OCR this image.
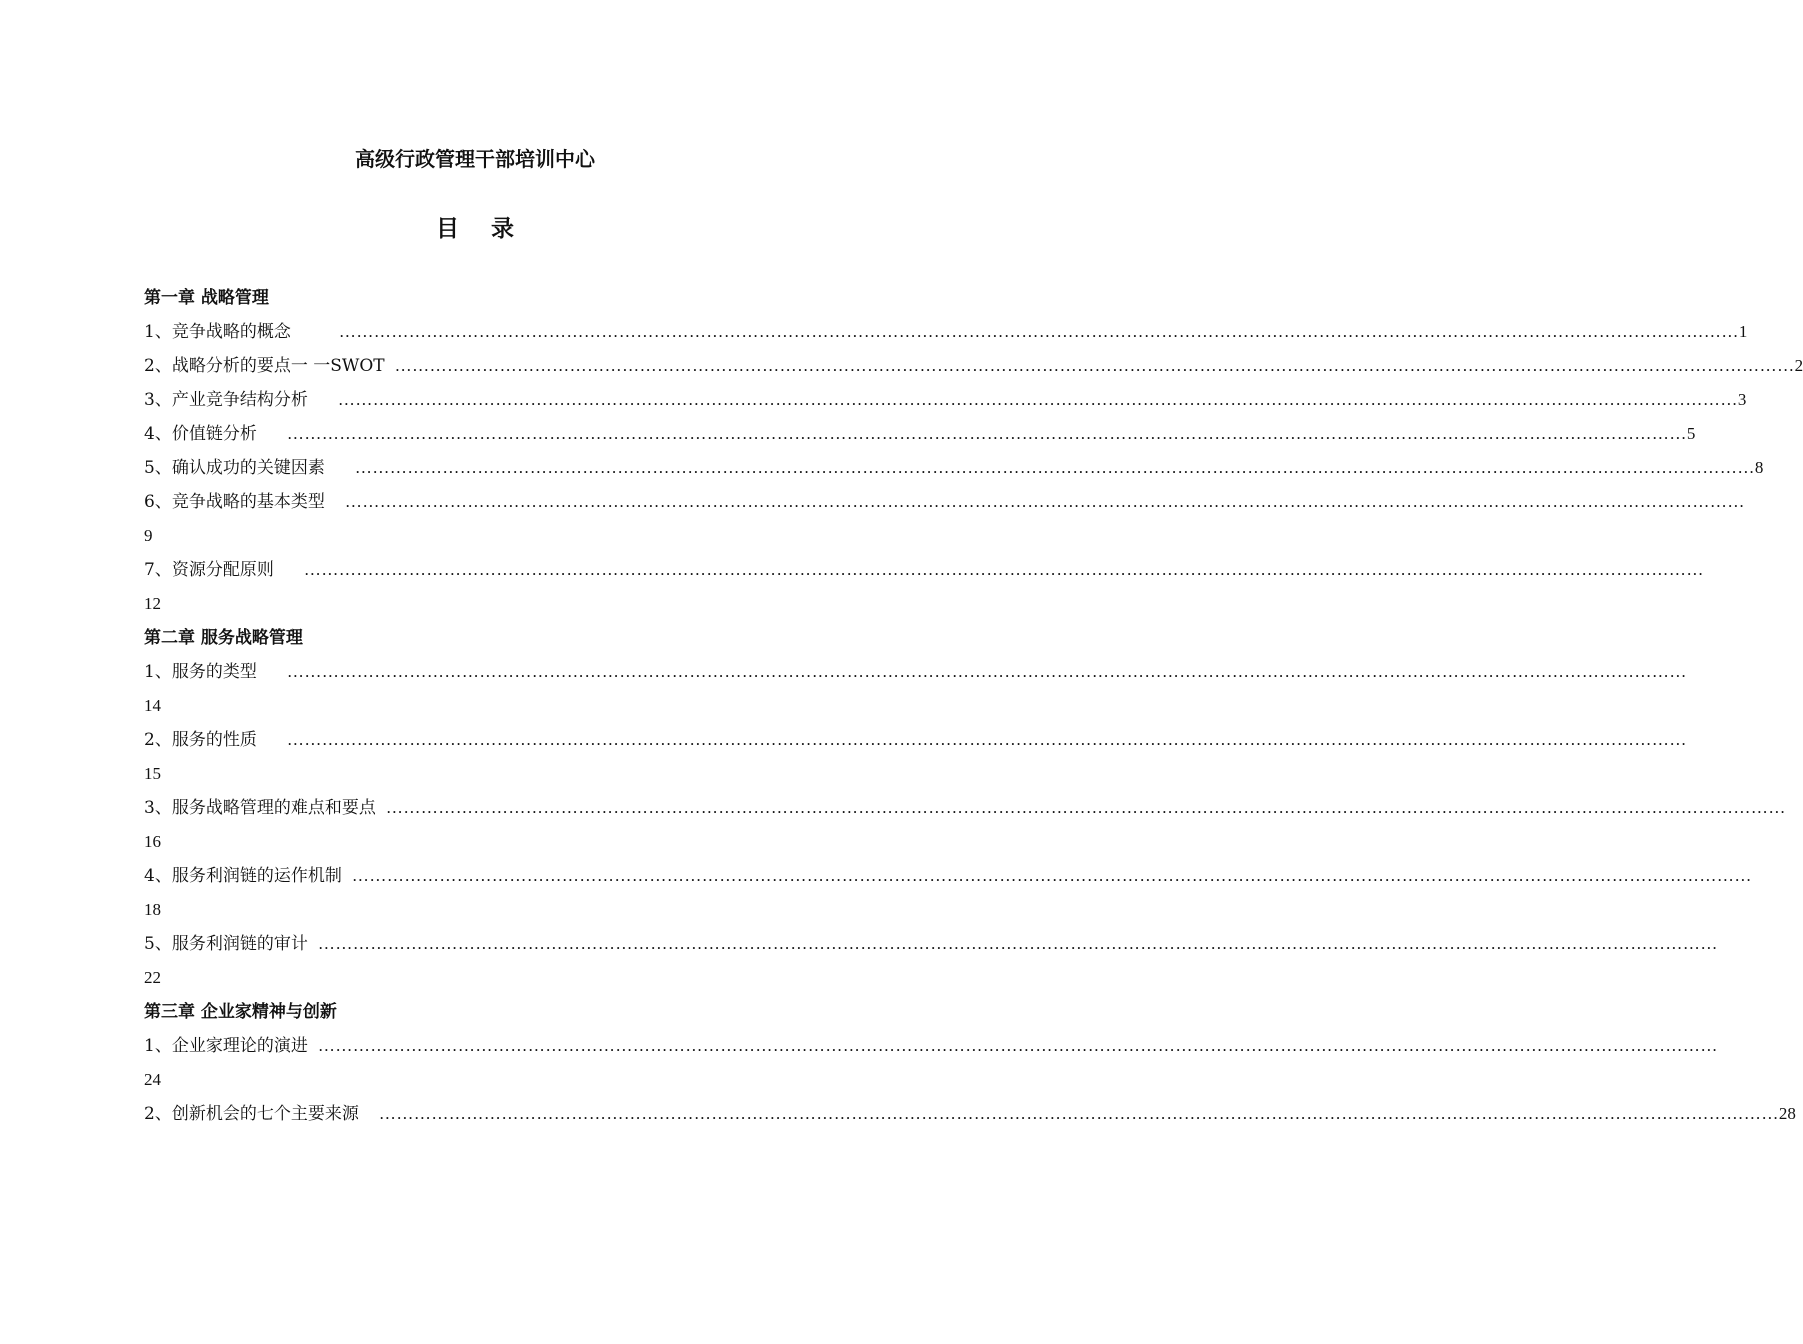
高级行政管理干部培训中心
目 录
第一章 战略管理
1、竞争战略的概念	…………………………………………………………………………………………………………………………………………………………………………………………………………………… 1
2、战略分析的要点一 一SWOT …………………………………………………………………………………………………………………………………………………………………………………………………………………… 2
3、产业竞争结构分析 …………………………………………………………………………………………………………………………………………………………………………………………………………………… 3
4、价值链分析 …………………………………………………………………………………………………………………………………………………………………………………………………………………… 5
5、确认成功的关键因素 …………………………………………………………………………………………………………………………………………………………………………………………………………………… 8
6、竞争战略的基本类型 ……………………………………………………………………………………………………………………………………………………………………………………………………………………
9
7、资源分配原则 ……………………………………………………………………………………………………………………………………………………………………………………………………………………
12
第二章 服务战略管理
1、服务的类型 ……………………………………………………………………………………………………………………………………………………………………………………………………………………
14
2、服务的性质 ……………………………………………………………………………………………………………………………………………………………………………………………………………………
15
3、服务战略管理的难点和要点 ……………………………………………………………………………………………………………………………………………………………………………………………………………………
16
4、服务利润链的运作机制 ……………………………………………………………………………………………………………………………………………………………………………………………………………………
18
5、服务利润链的审计 ……………………………………………………………………………………………………………………………………………………………………………………………………………………
22
第三章 企业家精神与创新
1、企业家理论的演进 ……………………………………………………………………………………………………………………………………………………………………………………………………………………
24
2、创新机会的七个主要来源 …………………………………………………………………………………………………………………………………………………………………………………………………………………… 28
